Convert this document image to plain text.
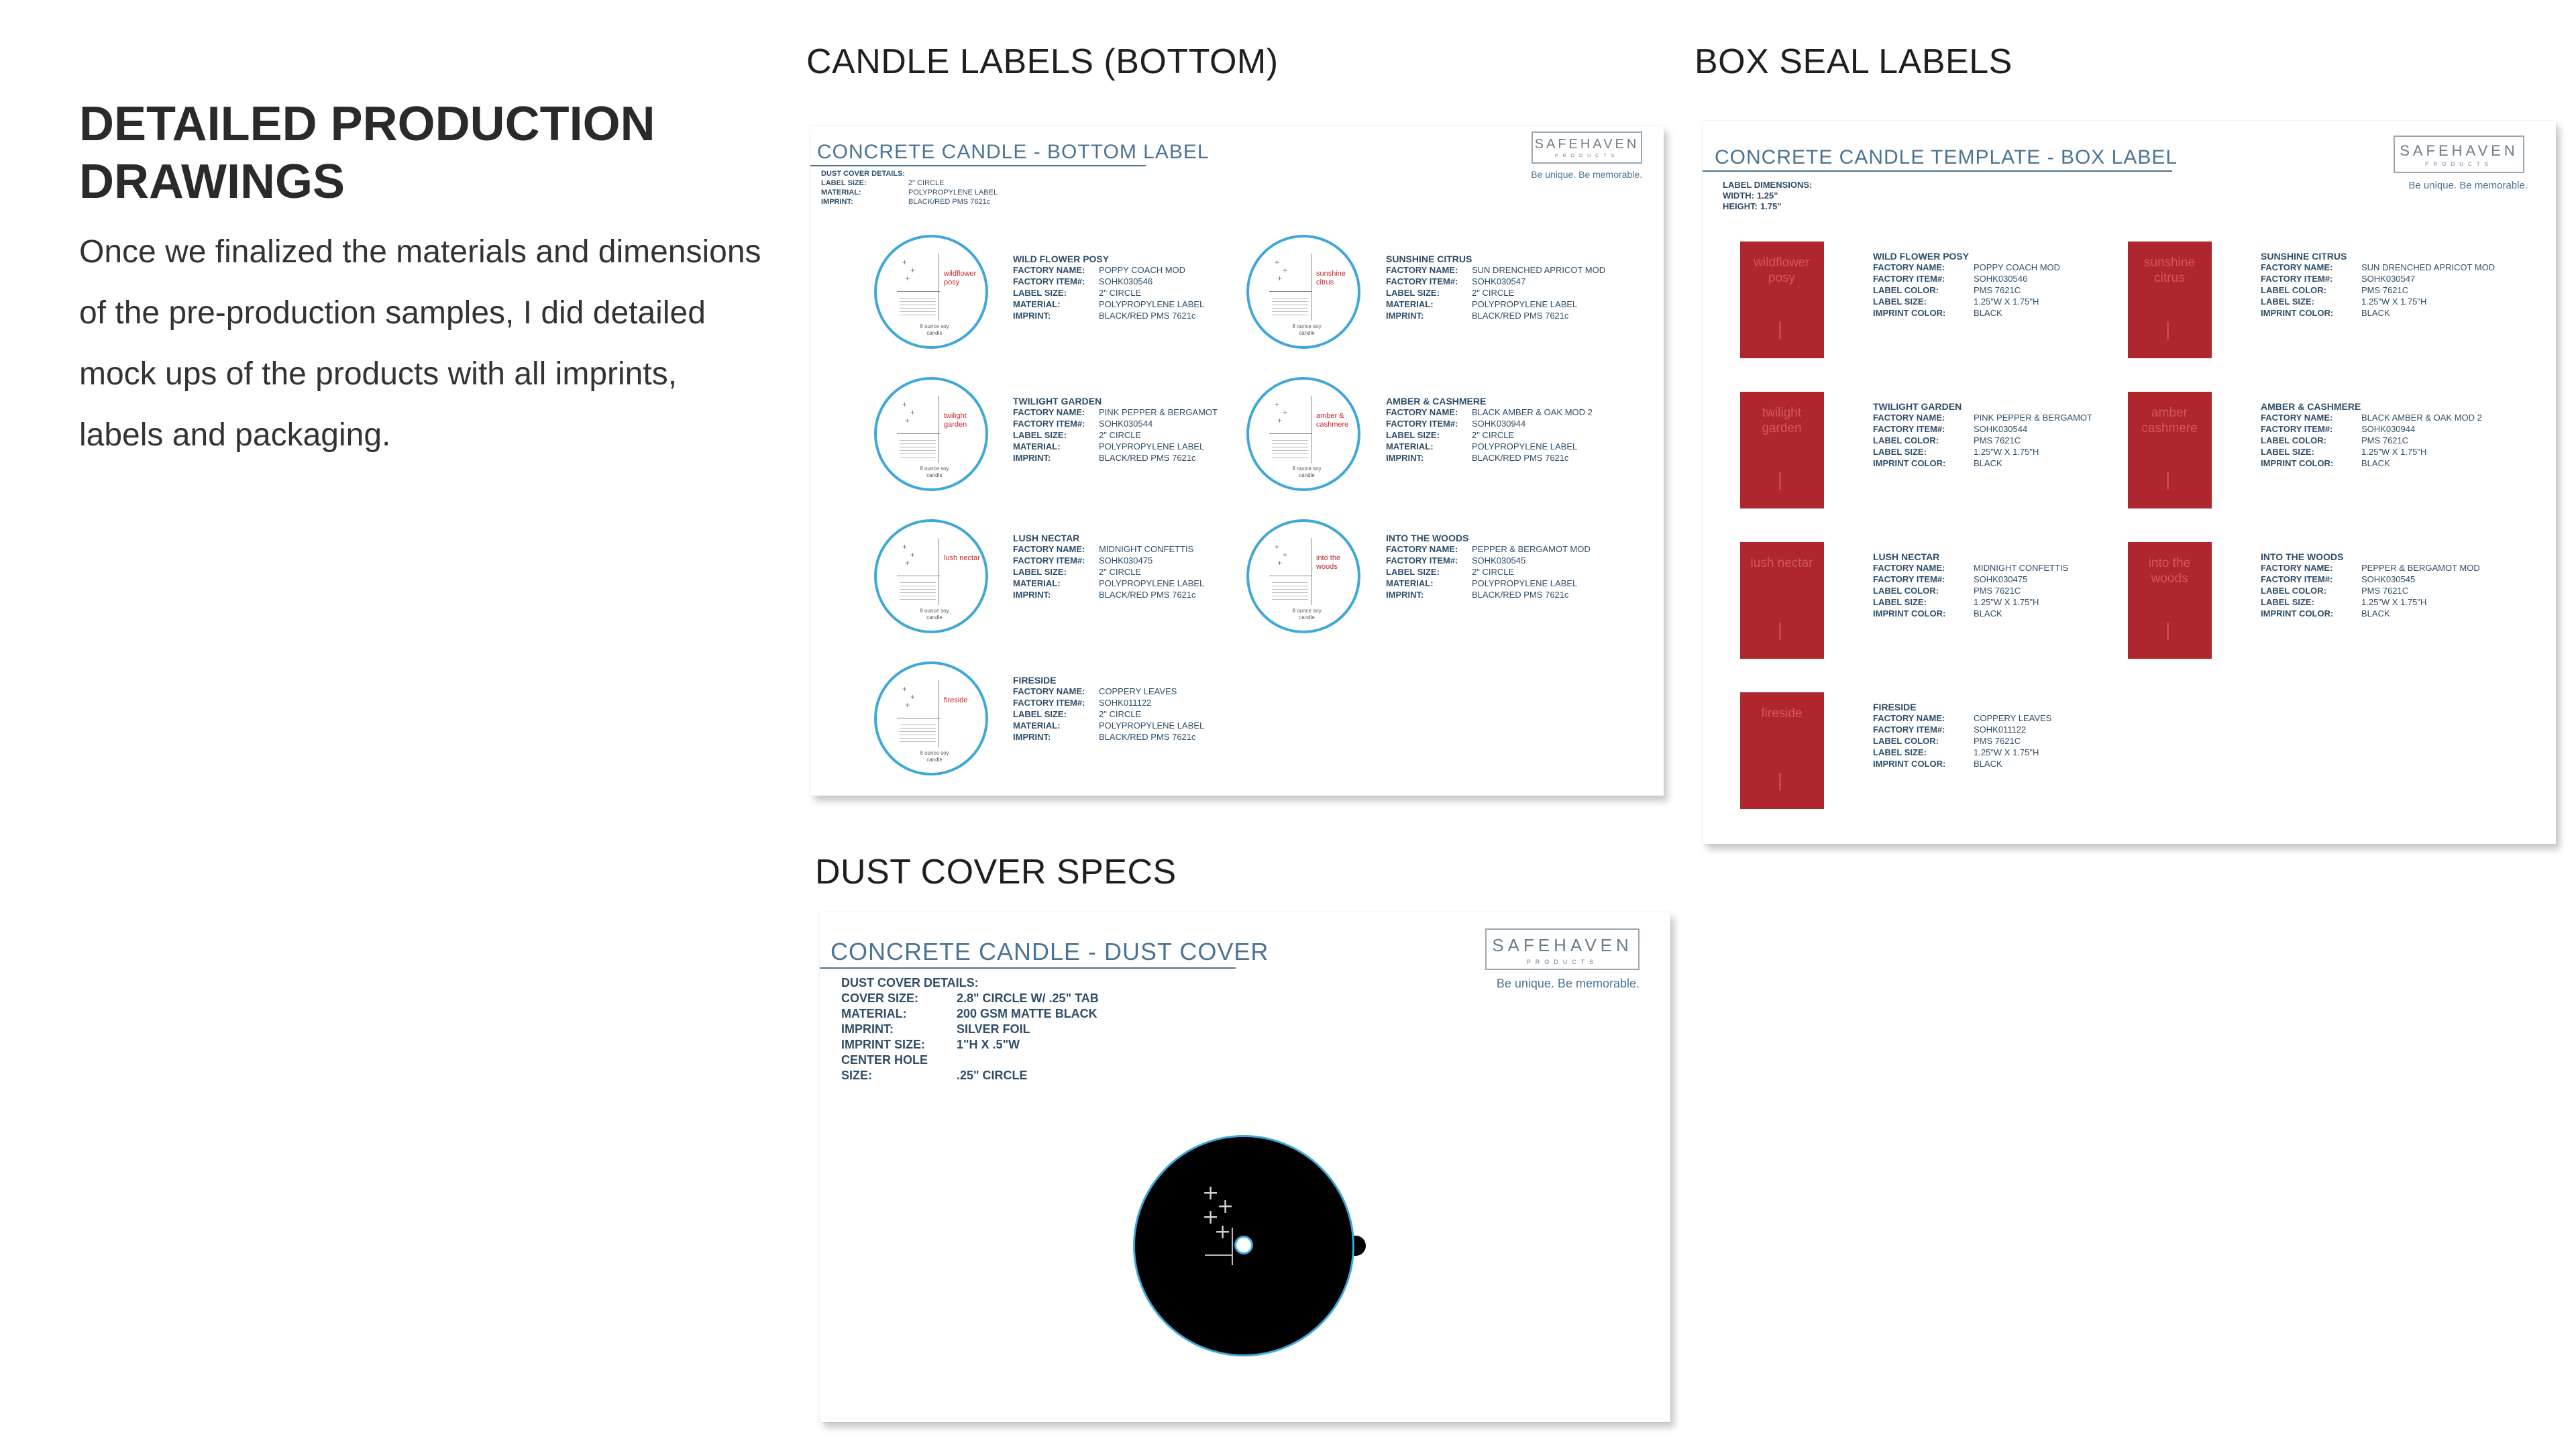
DETAILED PRODUCTION DRAWINGS
Once we finalized the materials and dimensions of the pre-production samples, I did detailed mock ups of the products with all imprints, labels and packaging.
CANDLE LABELS (BOTTOM)	BOX SEAL LABELS
DUST COVER SPECS
CONCRETE CANDLE - BOTTOM LABEL	SAFEHAVEN
PRODUCTS
Be unique. Be memorable.
DUST COVER DETAILS:
LABEL SIZE:	2" CIRCLE
MATERIAL:	POLYPROPYLENE LABEL
IMPRINT:	BLACK/RED PMS 7621c
+
+
+	wildflower posy
8 ounce soy candle
WILD FLOWER POSY
FACTORY NAME:	POPPY COACH MOD
FACTORY ITEM#:	SOHK030546
LABEL SIZE:	2" CIRCLE
MATERIAL:	POLYPROPYLENE LABEL
IMPRINT:	BLACK/RED PMS 7621c
+
+
+	sunshine citrus
8 ounce soy candle
SUNSHINE CITRUS
FACTORY NAME:	SUN DRENCHED APRICOT MOD
FACTORY ITEM#:	SOHK030547
LABEL SIZE:	2" CIRCLE
MATERIAL:	POLYPROPYLENE LABEL
IMPRINT:	BLACK/RED PMS 7621c
+
+
+	twilight garden
8 ounce soy candle
TWILIGHT GARDEN
FACTORY NAME:	PINK PEPPER & BERGAMOT
FACTORY ITEM#:	SOHK030544
LABEL SIZE:	2" CIRCLE
MATERIAL:	POLYPROPYLENE LABEL
IMPRINT:	BLACK/RED PMS 7621c
+
+
+	amber & cashmere
8 ounce soy candle
AMBER & CASHMERE
FACTORY NAME:	BLACK AMBER & OAK MOD 2
FACTORY ITEM#:	SOHK030944
LABEL SIZE:	2" CIRCLE
MATERIAL:	POLYPROPYLENE LABEL
IMPRINT:	BLACK/RED PMS 7621c
+
+
+	lush nectar
8 ounce soy candle
LUSH NECTAR
FACTORY NAME:	MIDNIGHT CONFETTIS
FACTORY ITEM#:	SOHK030475
LABEL SIZE:	2" CIRCLE
MATERIAL:	POLYPROPYLENE LABEL
IMPRINT:	BLACK/RED PMS 7621c
+
+
+	into the woods
8 ounce soy candle
INTO THE WOODS
FACTORY NAME:	PEPPER & BERGAMOT MOD
FACTORY ITEM#:	SOHK030545
LABEL SIZE:	2" CIRCLE
MATERIAL:	POLYPROPYLENE LABEL
IMPRINT:	BLACK/RED PMS 7621c
+
+
+	fireside
8 ounce soy candle
FIRESIDE
FACTORY NAME:	COPPERY LEAVES
FACTORY ITEM#:	SOHK011122
LABEL SIZE:	2" CIRCLE
MATERIAL:	POLYPROPYLENE LABEL
IMPRINT:	BLACK/RED PMS 7621c
CONCRETE CANDLE TEMPLATE - BOX LABEL	SAFEHAVEN
PRODUCTS
Be unique. Be memorable.
LABEL DIMENSIONS:
WIDTH: 1.25"
HEIGHT: 1.75"
wildflower posy
WILD FLOWER POSY
FACTORY NAME:	POPPY COACH MOD
FACTORY ITEM#:	SOHK030546
LABEL COLOR:	PMS 7621C
LABEL SIZE:	1.25"W X 1.75"H
IMPRINT COLOR:	BLACK
sunshine citrus
SUNSHINE CITRUS
FACTORY NAME:	SUN DRENCHED APRICOT MOD
FACTORY ITEM#:	SOHK030547
LABEL COLOR:	PMS 7621C
LABEL SIZE:	1.25"W X 1.75"H
IMPRINT COLOR:	BLACK
twilight garden
TWILIGHT GARDEN
FACTORY NAME:	PINK PEPPER & BERGAMOT
FACTORY ITEM#:	SOHK030544
LABEL COLOR:	PMS 7621C
LABEL SIZE:	1.25"W X 1.75"H
IMPRINT COLOR:	BLACK
amber cashmere
AMBER & CASHMERE
FACTORY NAME:	BLACK AMBER & OAK MOD 2
FACTORY ITEM#:	SOHK030944
LABEL COLOR:	PMS 7621C
LABEL SIZE:	1.25"W X 1.75"H
IMPRINT COLOR:	BLACK
lush nectar	LUSH NECTAR
FACTORY NAME:	MIDNIGHT CONFETTIS
FACTORY ITEM#:	SOHK030475
LABEL COLOR:	PMS 7621C
LABEL SIZE:	1.25"W X 1.75"H
IMPRINT COLOR:	BLACK
into the woods
INTO THE WOODS
FACTORY NAME:	PEPPER & BERGAMOT MOD
FACTORY ITEM#:	SOHK030545
LABEL COLOR:	PMS 7621C
LABEL SIZE:	1.25"W X 1.75"H
IMPRINT COLOR:	BLACK
fireside	FIRESIDE
FACTORY NAME:	COPPERY LEAVES
FACTORY ITEM#:	SOHK011122
LABEL COLOR:	PMS 7621C
LABEL SIZE:	1.25"W X 1.75"H
IMPRINT COLOR:	BLACK
CONCRETE CANDLE - DUST COVER	SAFEHAVEN
PRODUCTS
Be unique. Be memorable.
DUST COVER DETAILS:
COVER SIZE:	2.8" CIRCLE W/ .25" TAB
MATERIAL:	200 GSM MATTE BLACK
IMPRINT:	SILVER FOIL
IMPRINT SIZE:	1"H X .5"W
CENTER HOLE
SIZE:	.25" CIRCLE
+
+
+
+
